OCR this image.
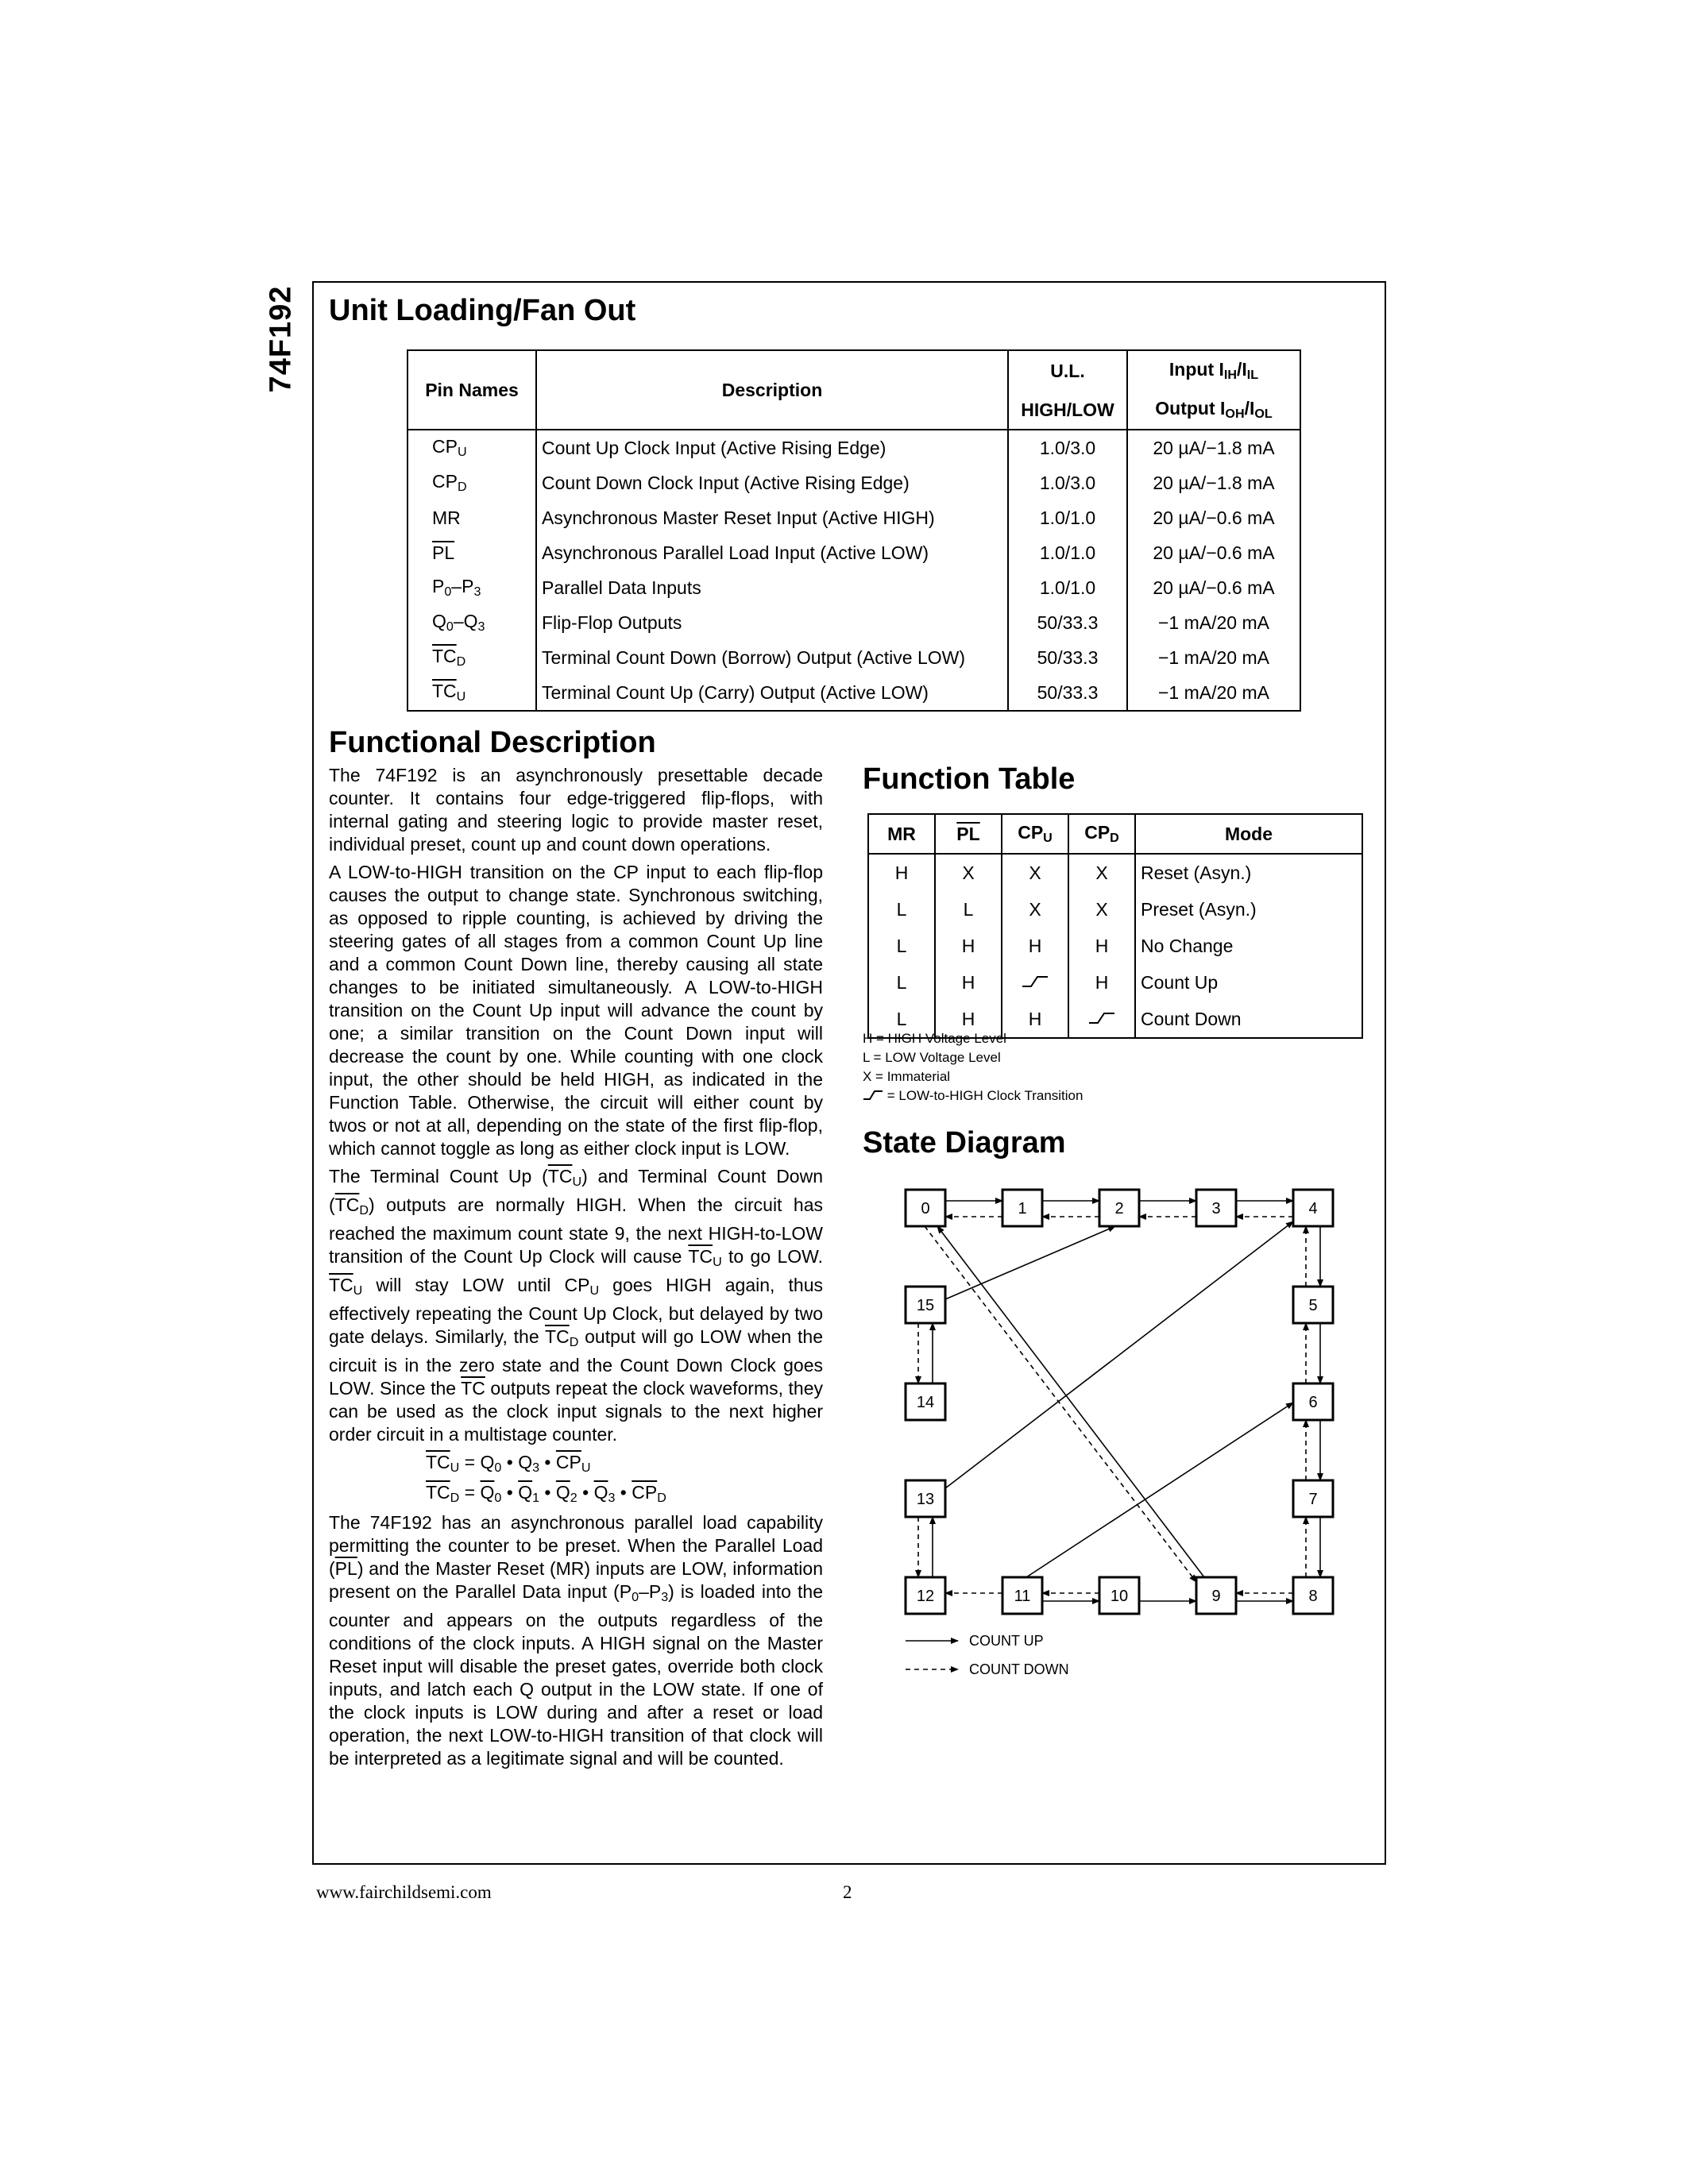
74F192 Unit Loading/Fan Out
Pin Names	Description	U.L.	Input $I_{IH}/I_{IL}$
		HIGH/LOW	Output $I_{OH}/I_{OL}$
$CP_U$	Count Up Clock Input (Active Rising Edge)	1.0/3.0	20 µA/−1.8 mA
$CP_D$	Count Down Clock Input (Active Rising Edge)	1.0/3.0	20 µA/−1.8 mA
MR	Asynchronous Master Reset Input (Active HIGH)	1.0/1.0	20 µA/−0.6 mA
$\overline{PL}$	Asynchronous Parallel Load Input (Active LOW)	1.0/1.0	20 µA/−0.6 mA
$P_0-P_3$	Parallel Data Inputs	1.0/1.0	20 µA/−0.6 mA
$Q_0-Q_3$	Flip-Flop Outputs	50/33.3	−1 mA/20 mA
$\overline{TC}_D$	Terminal Count Down (Borrow) Output (Active LOW)	50/33.3	−1 mA/20 mA
$\overline{TC}_U$	Terminal Count Up (Carry) Output (Active LOW)	50/33.3	−1 mA/20 mA
Functional Description

The 74F192 is an asynchronously presettable decade counter. It contains four edge-triggered flip-flops, with internal gating and steering logic to provide master reset, individual preset, count up and count down operations.

A LOW-to-HIGH transition on the CP input to each flip-flop causes the output to change state. Synchronous switching, as opposed to ripple counting, is achieved by driving the steering gates of all stages from a common Count Up line and a common Count Down line, thereby causing all state changes to be initiated simultaneously. A LOW-to-HIGH transition on the Count Up input will advance the count by one; a similar transition on the Count Down input will decrease the count by one. While counting with one clock input, the other should be held HIGH, as indicated in the Function Table. Otherwise, the circuit will either count by twos or not at all, depending on the state of the first flip-flop, which cannot toggle as long as either clock input is LOW.

The Terminal Count Up $(\overline{TC}_U)$ and Terminal Count Down $(\overline{TC}_D)$ outputs are normally HIGH. When the circuit has reached the maximum count state 9, the next HIGH-to-LOW transition of the Count Up Clock will cause $\overline{TC}_U$ to go LOW. $\overline{TC}_U$ will stay LOW until $CP_U$ goes HIGH again, thus effectively repeating the Count Up Clock, but delayed by two gate delays. Similarly, the $\overline{TC}_D$ output will go LOW when the circuit is in the zero state and the Count Down Clock goes LOW. Since the $\overline{TC}$ outputs repeat the clock waveforms, they can be used as the clock input signals to the next higher order circuit in a multistage counter.

$\overline{TC}_U = Q_0$ • $Q_3$ • $\overline{CP}_U$

$\overline{TC}_D = \overline{Q}_0$ • $\overline{Q}_1$ • $\overline{Q}_2$ • $\overline{Q}_3$ • $\overline{CP}_D$

The 74F192 has an asynchronous parallel load capability permitting the counter to be preset. When the Parallel Load $(\overline{PL})$ and the Master Reset (MR) inputs are LOW, information present on the Parallel Data input $(P_0-P_3)$ is loaded into the counter and appears on the outputs regardless of the conditions of the clock inputs. A HIGH signal on the Master Reset input will disable the preset gates, override both clock inputs, and latch each Q output in the LOW state. If one of the clock inputs is LOW during and after a reset or load operation, the next LOW-to-HIGH transition of that clock will be interpreted as a legitimate signal and will be counted.

Function Table
MR	$\overline{PL}$	$CP_U$	$CP_D$	Mode
H	X	X	X	Reset (Asyn.)
L	L	X	X	Preset (Asyn.)
L	H	H	H	No Change
L	H		H	Count Up
L	H	H		Count Down
H = HIGH Voltage Level
L = LOW Voltage Level
X = Immaterial
= LOW-to-HIGH Clock Transition
State Diagram
0	1	2	3	4
5
6
7
8
9
10
11
12
13
14
15
COUNT UP
COUNT DOWN
www.fairchildsemi.com	2
